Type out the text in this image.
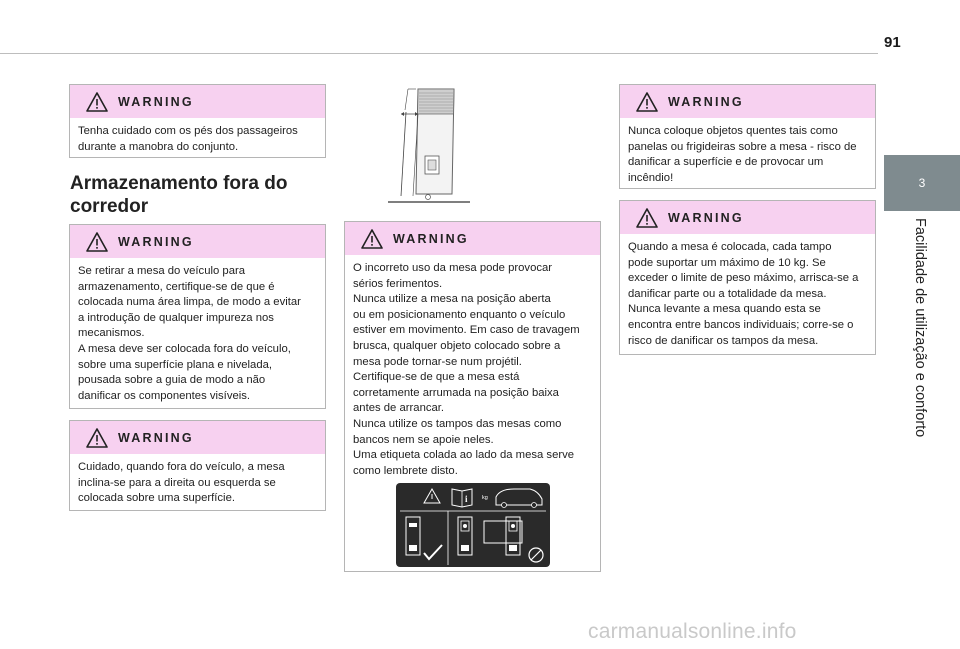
91
3
Facilidade de utilização e conforto
WARNING

Tenha cuidado com os pés dos passageiros

durante a manobra do conjunto.

Armazenamento fora do corredor
WARNING

Se retirar a mesa do veículo para

armazenamento, certifique-se de que é

colocada numa área limpa, de modo a evitar

a introdução de qualquer impureza nos

mecanismos.

A mesa deve ser colocada fora do veículo,

sobre uma superfície plana e nivelada,

pousada sobre a guia de modo a não

danificar os componentes visíveis.

WARNING

Cuidado, quando fora do veículo, a mesa

inclina-se para a direita ou esquerda se

colocada sobre uma superfície.

WARNING

O incorreto uso da mesa pode provocar

sérios ferimentos.

Nunca utilize a mesa na posição aberta

ou em posicionamento enquanto o veículo

estiver em movimento. Em caso de travagem

brusca, qualquer objeto colocado sobre a

mesa pode tornar-se num projétil.

Certifique-se de que a mesa está

corretamente arrumada na posição baixa

antes de arrancar.

Nunca utilize os tampos das mesas como

bancos nem se apoie neles.

Uma etiqueta colada ao lado da mesa serve

como lembrete disto.

i	kg
WARNING

Nunca coloque objetos quentes tais como

panelas ou frigideiras sobre a mesa - risco de

danificar a superfície e de provocar um

incêndio!

WARNING

Quando a mesa é colocada, cada tampo

pode suportar um máximo de 10 kg. Se

exceder o limite de peso máximo, arrisca-se a

danificar parte ou a totalidade da mesa.

Nunca levante a mesa quando esta se

encontra entre bancos individuais; corre-se o

risco de danificar os tampos da mesa.

carmanualsonline.info
